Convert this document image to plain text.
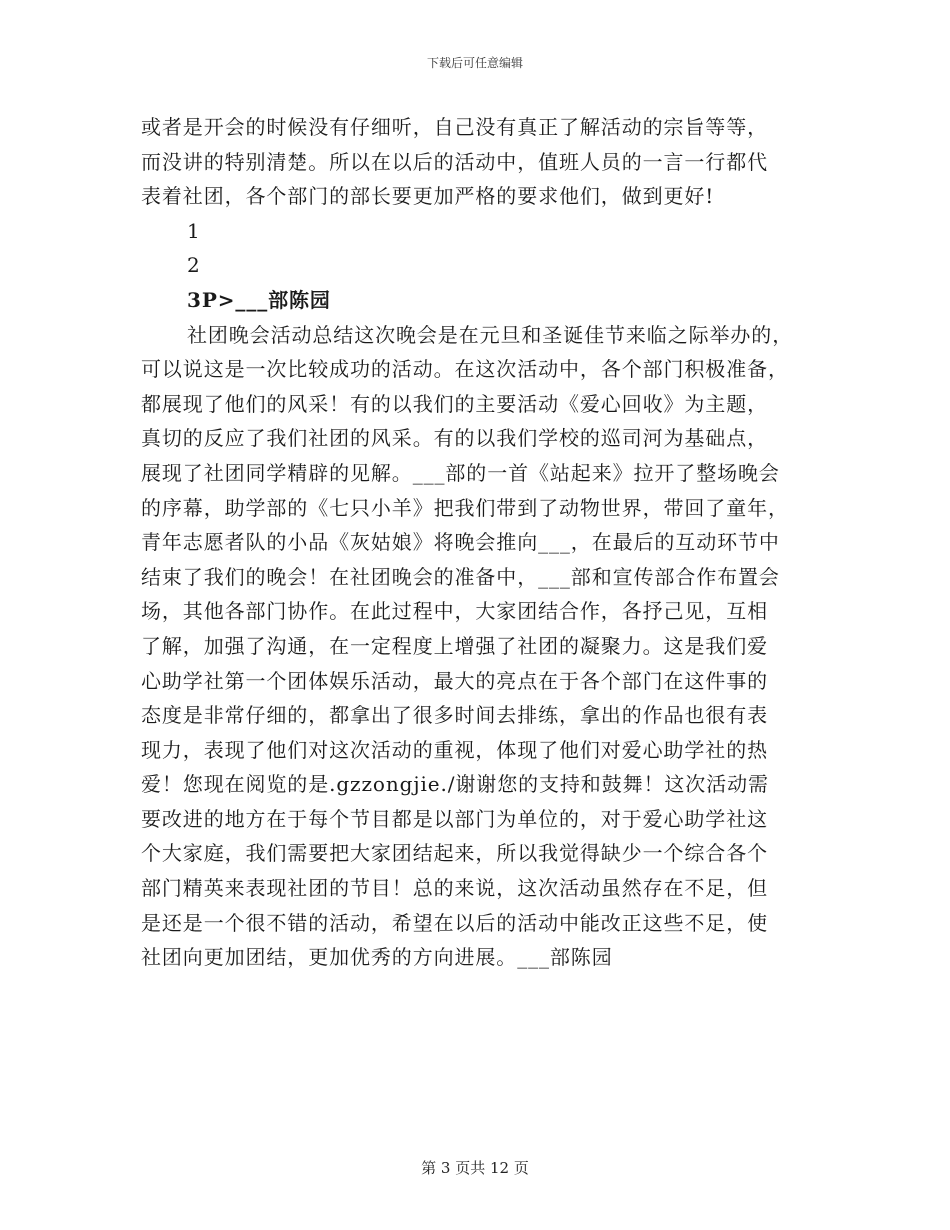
下载后可任意编辑
或者是开会的时候没有仔细听，自己没有真正了解活动的宗旨等等，
而没讲的特别清楚。所以在以后的活动中，值班人员的一言一行都代
表着社团，各个部门的部长要更加严格的要求他们，做到更好!
1
2
3P>___部陈园
社团晚会活动总结这次晚会是在元旦和圣诞佳节来临之际举办的，
可以说这是一次比较成功的活动。在这次活动中，各个部门积极准备，
都展现了他们的风采！有的以我们的主要活动《爱心回收》为主题，
真切的反应了我们社团的风采。有的以我们学校的巡司河为基础点，
展现了社团同学精辟的见解。___部的一首《站起来》拉开了整场晚会
的序幕，助学部的《七只小羊》把我们带到了动物世界，带回了童年，
青年志愿者队的小品《灰姑娘》将晚会推向___，在最后的互动环节中
结束了我们的晚会！在社团晚会的准备中，___部和宣传部合作布置会
场，其他各部门协作。在此过程中，大家团结合作，各抒己见，互相
了解，加强了沟通，在一定程度上增强了社团的凝聚力。这是我们爱
心助学社第一个团体娱乐活动，最大的亮点在于各个部门在这件事的
态度是非常仔细的，都拿出了很多时间去排练，拿出的作品也很有表
现力，表现了他们对这次活动的重视，体现了他们对爱心助学社的热
爱！您现在阅览的是.gzzongjie./谢谢您的支持和鼓舞！这次活动需
要改进的地方在于每个节目都是以部门为单位的，对于爱心助学社这
个大家庭，我们需要把大家团结起来，所以我觉得缺少一个综合各个
部门精英来表现社团的节目！总的来说，这次活动虽然存在不足，但
是还是一个很不错的活动，希望在以后的活动中能改正这些不足，使
社团向更加团结，更加优秀的方向进展。___部陈园
第 3 页共 12 页
